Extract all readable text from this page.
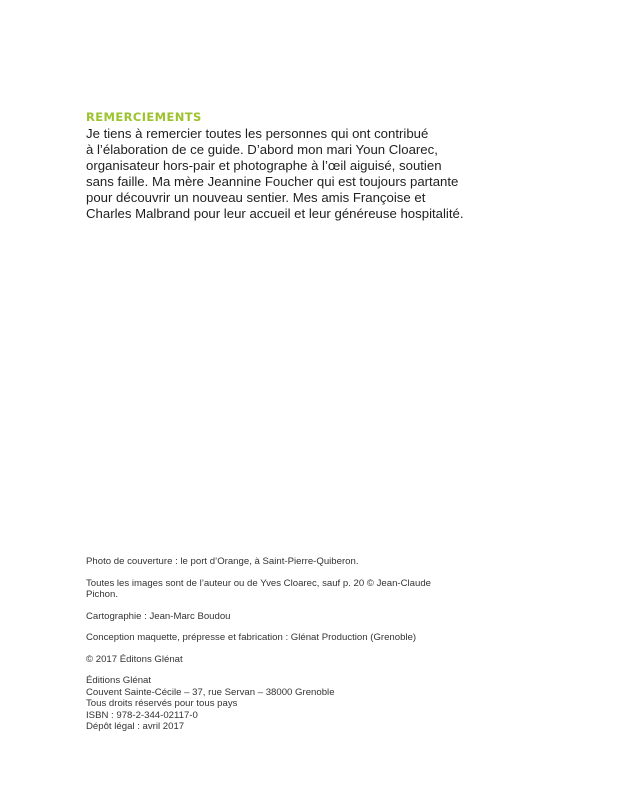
REMERCIEMENTS

Je tiens à remercier toutes les personnes qui ont contribué
à l’élaboration de ce guide. D’abord mon mari Youn Cloarec,
organisateur hors-pair et photographe à l’œil aiguisé, soutien
sans faille. Ma mère Jeannine Foucher qui est toujours partante
pour découvrir un nouveau sentier. Mes amis Françoise et
Charles Malbrand pour leur accueil et leur généreuse hospitalité.

Photo de couverture : le port d’Orange, à Saint-Pierre-Quiberon.

Toutes les images sont de l’auteur ou de Yves Cloarec, sauf p. 20 © Jean-Claude
Pichon.

Cartographie : Jean-Marc Boudou

Conception maquette, prépresse et fabrication : Glénat Production (Grenoble)

© 2017 Éditons Glénat

Éditions Glénat
Couvent Sainte-Cécile – 37, rue Servan – 38000 Grenoble
Tous droits réservés pour tous pays
ISBN : 978-2-344-02117-0
Dépôt légal : avril 2017
